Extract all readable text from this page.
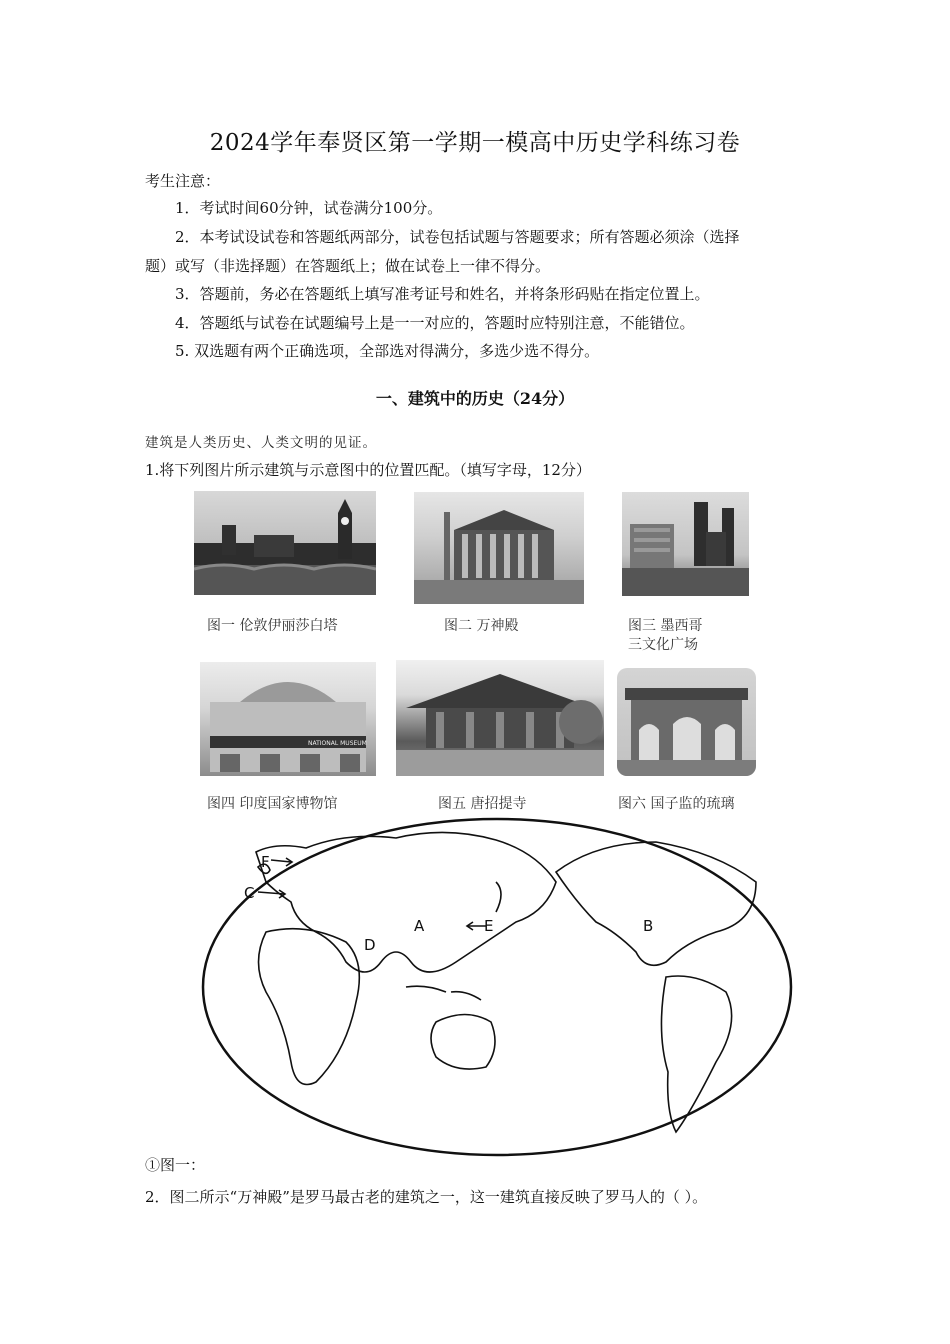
2024学年奉贤区第一学期一模高中历史学科练习卷
考生注意：
1．考试时间60分钟，试卷满分100分。
2．本考试设试卷和答题纸两部分，试卷包括试题与答题要求；所有答题必须涂（选择
题）或写（非选择题）在答题纸上；做在试卷上一律不得分。
3．答题前，务必在答题纸上填写准考证号和姓名，并将条形码贴在指定位置上。
4．答题纸与试卷在试题编号上是一一对应的，答题时应特别注意，不能错位。
5. 双选题有两个正确选项，全部选对得满分，多选少选不得分。
一、建筑中的历史（24分）
建筑是人类历史、人类文明的见证。
1.将下列图片所示建筑与示意图中的位置匹配。（填写字母，12分）
图一 伦敦伊丽莎白塔	图二 万神殿	图三 墨西哥
三文化广场
NATIONAL MUSEUM
图四 印度国家博物馆	图五 唐招提寺	图六 国子监的琉璃
F
C
A	E
D
B
①图一：
2．图二所示“万神殿”是罗马最古老的建筑之一，这一建筑直接反映了罗马人的（ ）。
